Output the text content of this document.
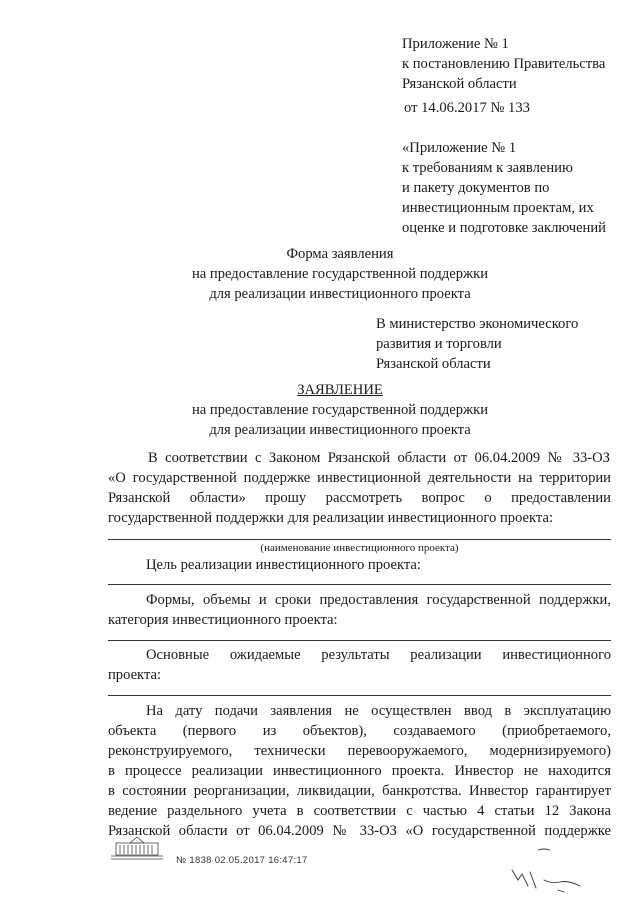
Приложение № 1
к постановлению Правительства
Рязанской области
от 14.06.2017 № 133
«Приложение № 1
к требованиям к заявлению
и пакету документов по
инвестиционным проектам, их
оценке и подготовке заключений
Форма заявления
на предоставление государственной поддержки
для реализации инвестиционного проекта
В министерство экономического
развития и торговли
Рязанской области
ЗАЯВЛЕНИЕ
на предоставление государственной поддержки
для реализации инвестиционного проекта
В соответствии с Законом Рязанской области от 06.04.2009 № 33-ОЗ
«О государственной поддержке инвестиционной деятельности на территории
Рязанской области» прошу рассмотреть вопрос о предоставлении
государственной поддержки для реализации инвестиционного проекта:
(наименование инвестиционного проекта)
Цель реализации инвестиционного проекта:
Формы, объемы и сроки предоставления государственной поддержки,
категория инвестиционного проекта:
Основные ожидаемые результаты реализации инвестиционного
проекта:
На дату подачи заявления не осуществлен ввод в эксплуатацию
объекта (первого из объектов), создаваемого (приобретаемого,
реконструируемого, технически перевооружаемого, модернизируемого)
в процессе реализации инвестиционного проекта. Инвестор не находится
в состоянии реорганизации, ликвидации, банкротства. Инвестор гарантирует
ведение раздельного учета в соответствии с частью 4 статьи 12 Закона
Рязанской области от 06.04.2009 № 33-ОЗ «О государственной поддержке
№ 1838 02.05.2017 16:47:17
